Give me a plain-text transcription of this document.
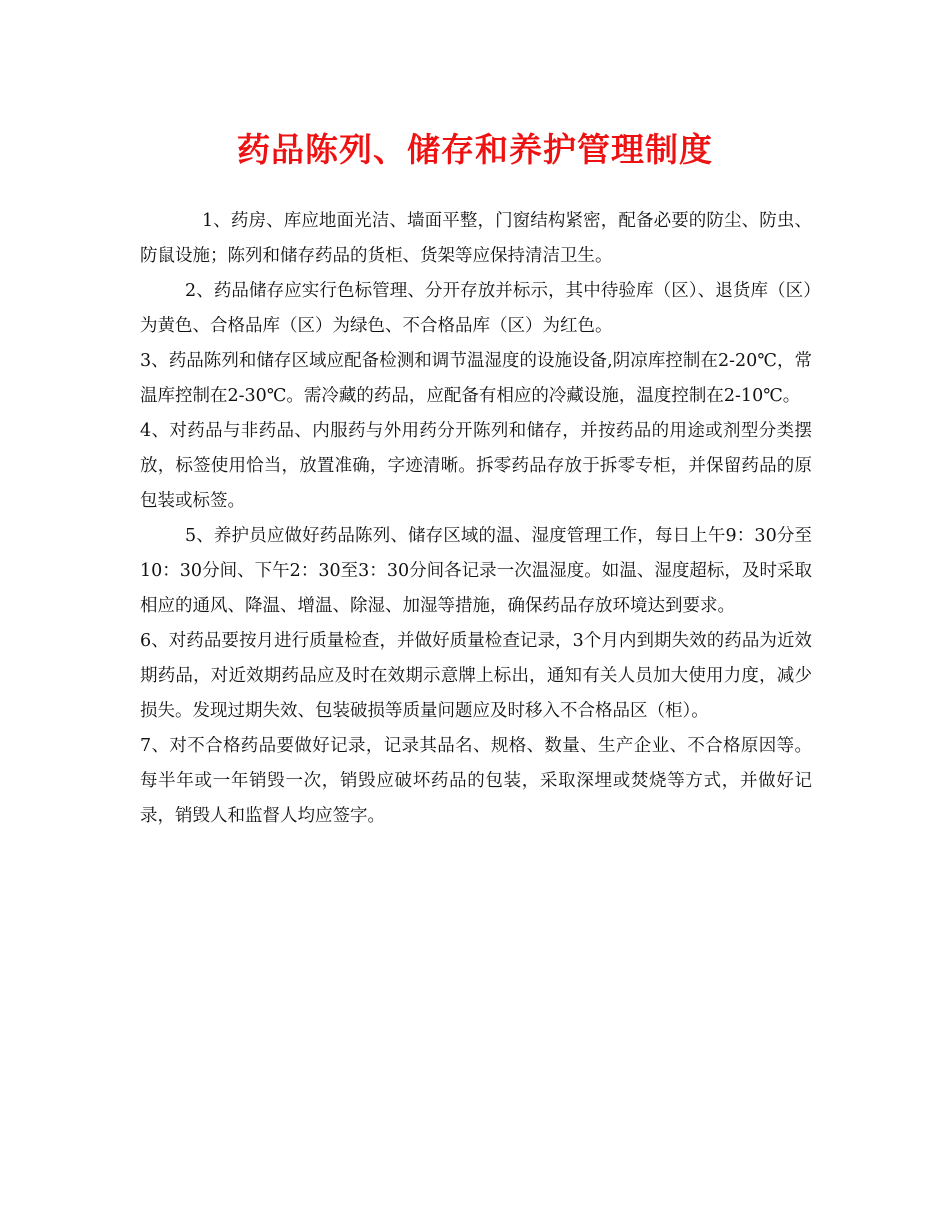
药品陈列、储存和养护管理制度

1、药房、库应地面光洁、墙面平整，门窗结构紧密，配备必要的防尘、防虫、防鼠设施；陈列和储存药品的货柜、货架等应保持清洁卫生。

2、药品储存应实行色标管理、分开存放并标示，其中待验库（区）、退货库（区）为黄色、合格品库（区）为绿色、不合格品库（区）为红色。

3、药品陈列和储存区域应配备检测和调节温湿度的设施设备,阴凉库控制在2-20℃，常温库控制在2-30℃。需冷藏的药品，应配备有相应的冷藏设施，温度控制在2-10℃。

4、对药品与非药品、内服药与外用药分开陈列和储存，并按药品的用途或剂型分类摆放，标签使用恰当，放置准确，字迹清晰。拆零药品存放于拆零专柜，并保留药品的原包装或标签。

5、养护员应做好药品陈列、储存区域的温、湿度管理工作，每日上午9：30分至10：30分间、下午2：30至3：30分间各记录一次温湿度。如温、湿度超标，及时采取相应的通风、降温、增温、除湿、加湿等措施，确保药品存放环境达到要求。

6、对药品要按月进行质量检查，并做好质量检查记录，3个月内到期失效的药品为近效期药品，对近效期药品应及时在效期示意牌上标出，通知有关人员加大使用力度，减少损失。发现过期失效、包装破损等质量问题应及时移入不合格品区（柜）。

7、对不合格药品要做好记录，记录其品名、规格、数量、生产企业、不合格原因等。每半年或一年销毁一次，销毁应破坏药品的包装，采取深埋或焚烧等方式，并做好记录，销毁人和监督人均应签字。
